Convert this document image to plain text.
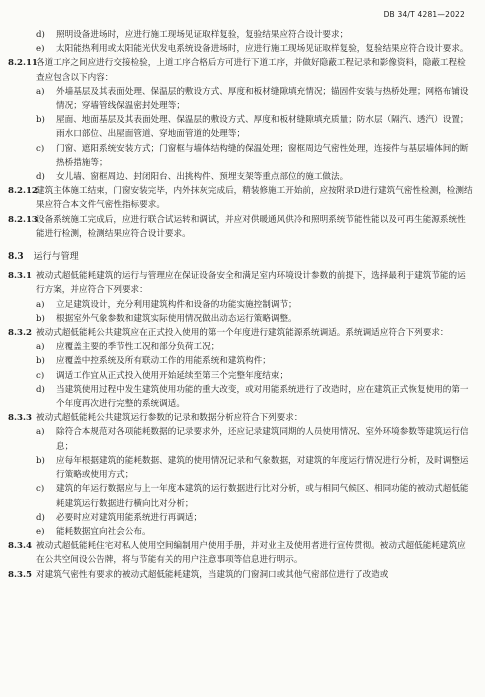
DB 34/T 4281—2022
d)	照明设备进场时，应进行施工现场见证取样复验，复验结果应符合设计要求；
e)	太阳能热利用或太阳能光伏发电系统设备进场时，应进行施工现场见证取样复验，复验结果应符合设计要求。
8.2.11
各道工序之间应进行交接检验，上道工序合格后方可进行下道工序，并做好隐蔽工程记录和影像资料，隐蔽工程检查应包含以下内容：
a)	外墙基层及其表面处理、保温层的敷设方式、厚度和板材缝隙填充情况；锚固件安装与热桥处理；网格布铺设情况；穿墙管线保温密封处理等；
b)	屋面、地面基层及其表面处理、保温层的敷设方式、厚度和板材缝隙填充质量；防水层（隔汽、透汽）设置；雨水口部位、出屋面管道、穿地面管道的处理等；
c)	门窗、遮阳系统安装方式；门窗框与墙体结构缝的保温处理；窗框周边气密性处理，连接件与基层墙体间的断热桥措施等；
d)	女儿墙、窗框周边、封闭阳台、出挑构件、预埋支架等重点部位的施工做法。
8.2.12
建筑主体施工结束，门窗安装完毕，内外抹灰完成后，精装修施工开始前，应按附录D进行建筑气密性检测，检测结果应符合本文件气密性指标要求。
8.2.13
设备系统施工完成后，应进行联合试运转和调试，并应对供暖通风供冷和照明系统节能性能以及可再生能源系统性能进行检测，检测结果应符合设计要求。
8.3 运行与管理
8.3.1 被动式超低能耗建筑的运行与管理应在保证设备安全和满足室内环境设计参数的前提下，选择最利于建筑节能的运行方案，并应符合下列要求：
a)	立足建筑设计，充分利用建筑构件和设备的功能实施控制调节；
b)	根据室外气象参数和建筑实际使用情况做出动态运行策略调整。
8.3.2 被动式超低能耗公共建筑应在正式投入使用的第一个年度进行建筑能源系统调适。系统调适应符合下列要求：
a)	应覆盖主要的季节性工况和部分负荷工况；
b)	应覆盖中控系统及所有联动工作的用能系统和建筑构件；
c)	调适工作宜从正式投入使用开始延续至第三个完整年度结束；
d)	当建筑使用过程中发生建筑使用功能的重大改变，或对用能系统进行了改造时，应在建筑正式恢复使用的第一个年度再次进行完整的系统调适。
8.3.3 被动式超低能耗公共建筑运行参数的记录和数据分析应符合下列要求：
a)	除符合本规范对各项能耗数据的记录要求外，还应记录建筑同期的人员使用情况、室外环境参数等建筑运行信息；
b)	应每年根据建筑的能耗数据、建筑的使用情况记录和气象数据，对建筑的年度运行情况进行分析，及时调整运行策略或使用方式；
c)	建筑的年运行数据应与上一年度本建筑的运行数据进行比对分析，或与相同气候区、相同功能的被动式超低能耗建筑运行数据进行横向比对分析；
d)	必要时应对建筑用能系统进行再调适；
e)	能耗数据宜向社会公布。
8.3.4 被动式超低能耗住宅对私人使用空间编制用户使用手册，并对业主及使用者进行宣传贯彻。被动式超低能耗建筑应在公共空间设公告牌，将与节能有关的用户注意事项等信息进行明示。
8.3.5 对建筑气密性有要求的被动式超低能耗建筑，当建筑的门窗洞口或其他气密部位进行了改造或
